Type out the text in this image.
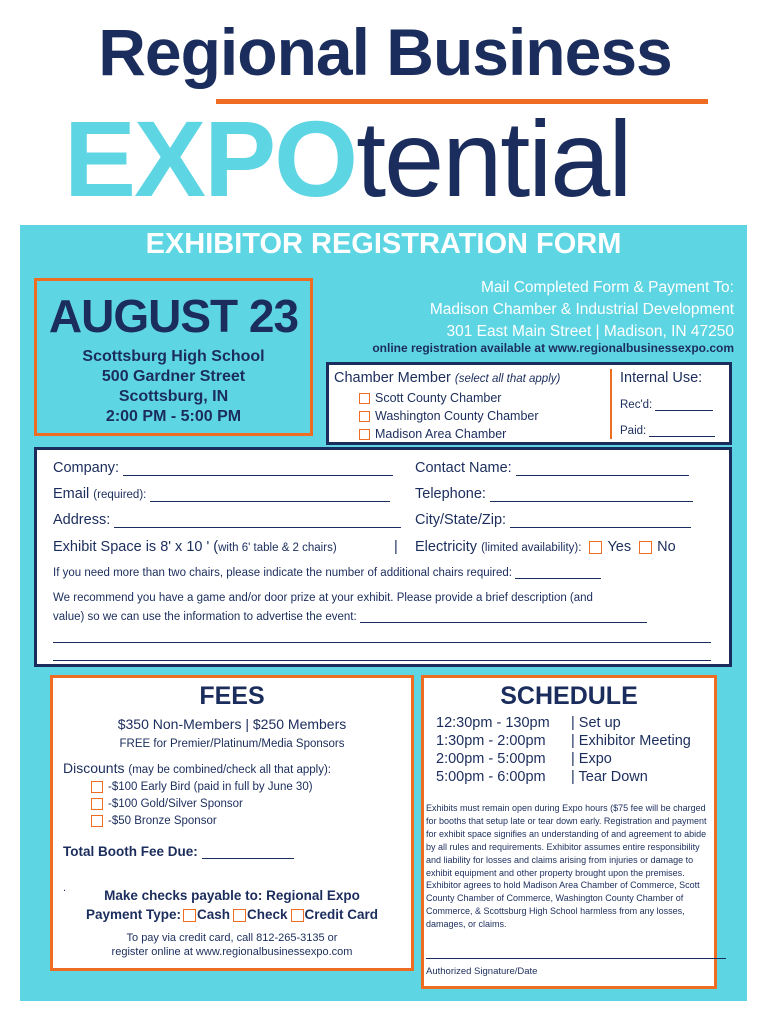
Regional Business
EXPOtential
EXHIBITOR REGISTRATION FORM
AUGUST 23
Scottsburg High School
500 Gardner Street
Scottsburg, IN
2:00 PM - 5:00 PM
Mail Completed Form & Payment To:
Madison Chamber & Industrial Development
301 East Main Street | Madison, IN 47250
online registration available at www.regionalbusinessexpo.com
Chamber Member (select all that apply)
Scott County Chamber
Washington County Chamber
Madison Area Chamber
Internal Use:
Rec'd:
Paid:
Company:	Contact Name:
Email (required):	Telephone:
Address:	City/State/Zip:
Exhibit Space is 8' x 10 ' (with 6' table & 2 chairs)	| Electricity (limited availability): Yes No
If you need more than two chairs, please indicate the number of additional chairs required:
We recommend you have a game and/or door prize at your exhibit. Please provide a brief description (and
value) so we can use the information to advertise the event:
FEES
$350 Non-Members | $250 Members
FREE for Premier/Platinum/Media Sponsors
Discounts (may be combined/check all that apply):
-$100 Early Bird (paid in full by June 30)
-$100 Gold/Silver Sponsor
-$50 Bronze Sponsor
Total Booth Fee Due:
.	Make checks payable to: Regional Expo
Payment Type: Cash Check Credit Card
To pay via credit card, call 812-265-3135 or
register online at www.regionalbusinessexpo.com
SCHEDULE
12:30pm - 130pm | Set up
1:30pm - 2:00pm | Exhibitor Meeting
2:00pm - 5:00pm | Expo
5:00pm - 6:00pm | Tear Down
Exhibits must remain open during Expo hours ($75 fee will be charged for booths that setup late or tear down early. Registration and payment for exhibit space signifies an understanding of and agreement to abide by all rules and requirements. Exhibitor assumes entire responsibility and liability for losses and claims arising from injuries or damage to exhibit equipment and other property brought upon the premises. Exhibitor agrees to hold Madison Area Chamber of Commerce, Scott County Chamber of Commerce, Washington County Chamber of Commerce, & Scottsburg High School harmless from any losses, damages, or claims.
Authorized Signature/Date
